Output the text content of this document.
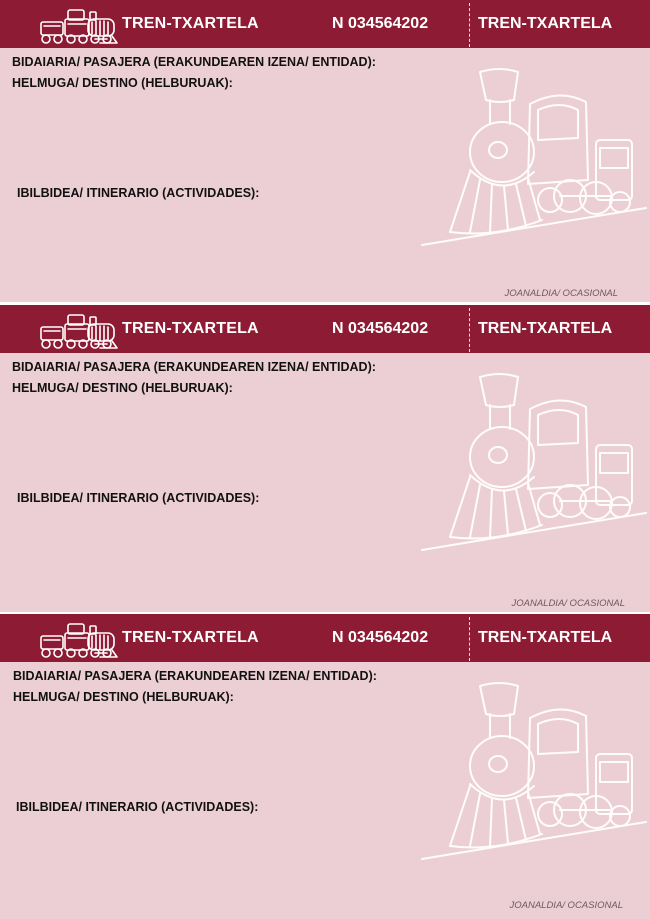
TREN-TXARTELA	N 034564202	TREN-TXARTELA
BIDAIARIA/ PASAJERA (ERAKUNDEAREN IZENA/ ENTIDAD):
HELMUGA/ DESTINO (HELBURUAK):
IBILBIDEA/ ITINERARIO (ACTIVIDADES):
JOANALDIA/ OCASIONAL
TREN-TXARTELA	N 034564202	TREN-TXARTELA
BIDAIARIA/ PASAJERA (ERAKUNDEAREN IZENA/ ENTIDAD):
HELMUGA/ DESTINO (HELBURUAK):
IBILBIDEA/ ITINERARIO (ACTIVIDADES):
JOANALDIA/ OCASIONAL
TREN-TXARTELA	N 034564202	TREN-TXARTELA
BIDAIARIA/ PASAJERA (ERAKUNDEAREN IZENA/ ENTIDAD):
HELMUGA/ DESTINO (HELBURUAK):
IBILBIDEA/ ITINERARIO (ACTIVIDADES):
JOANALDIA/ OCASIONAL
